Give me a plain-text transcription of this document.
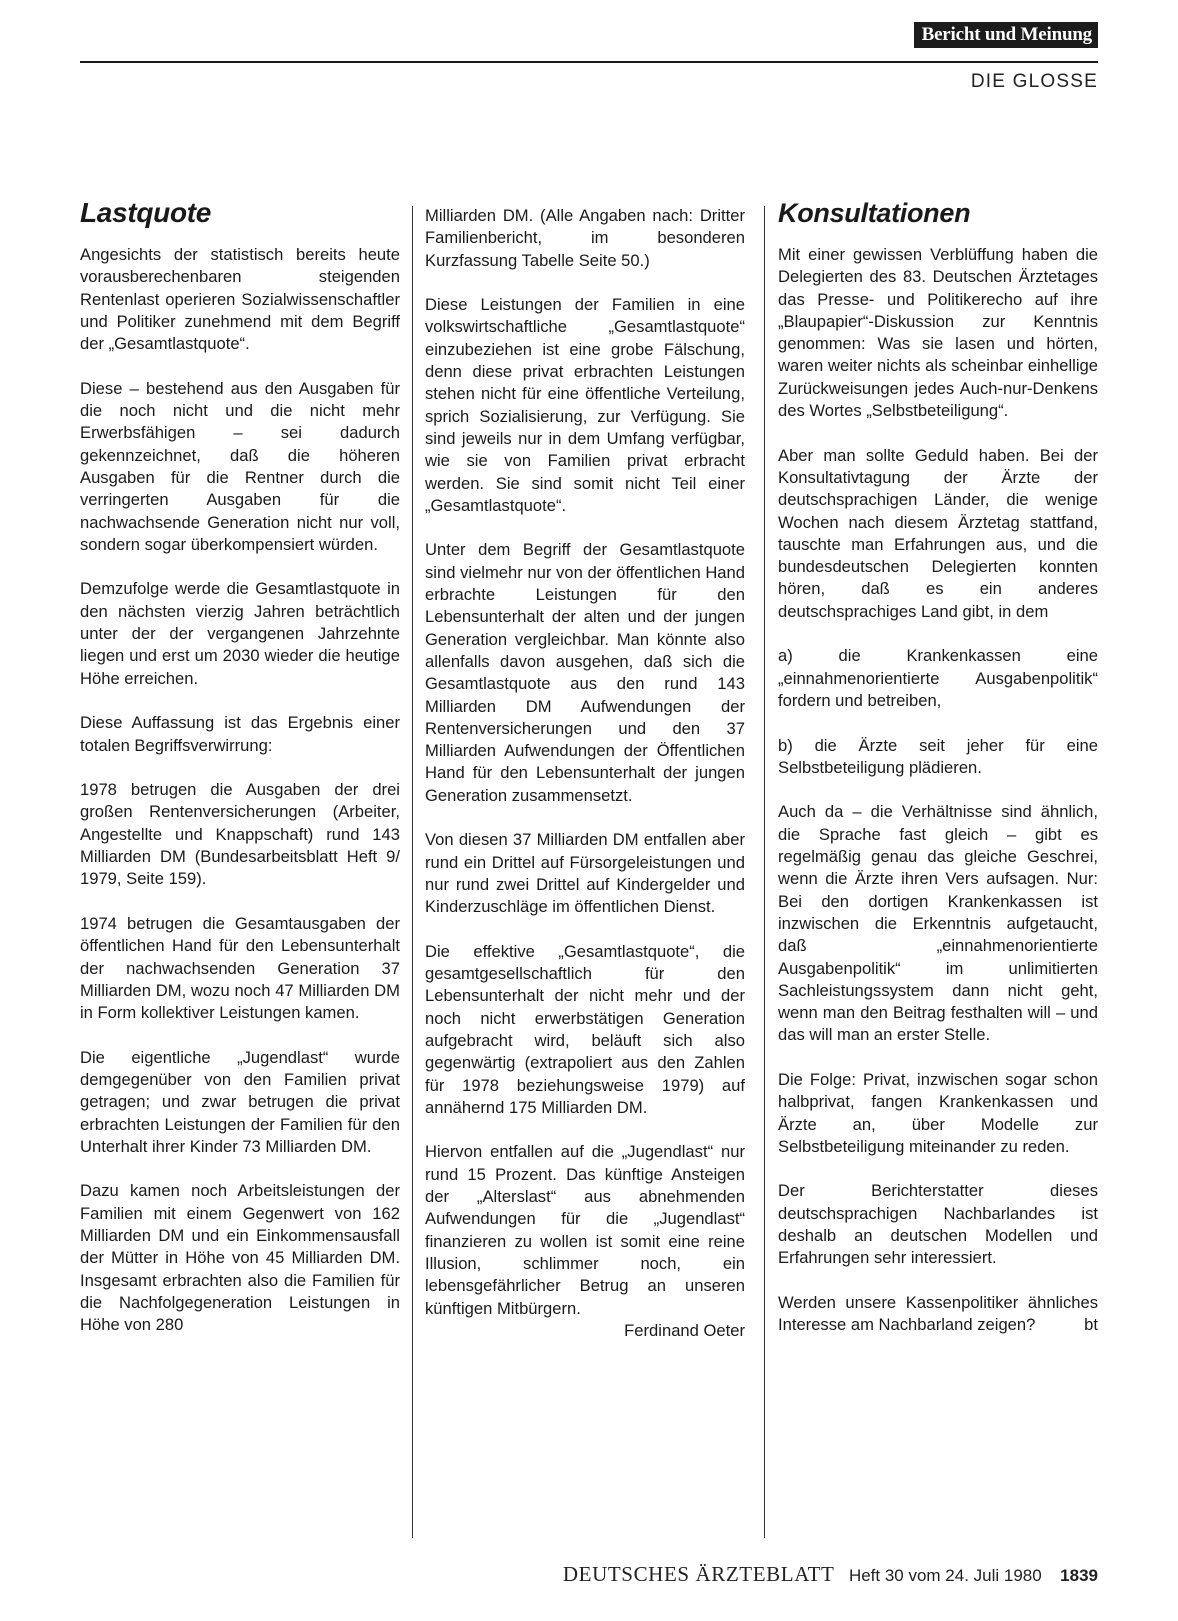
Bericht und Meinung
DIE GLOSSE
Lastquote

Angesichts der statistisch bereits heute vorausberechenbaren steigenden Rentenlast operieren Sozialwissenschaftler und Politiker zunehmend mit dem Begriff der „Gesamtlastquote“.

Diese – bestehend aus den Ausgaben für die noch nicht und die nicht mehr Erwerbsfähigen – sei dadurch gekennzeichnet, daß die höheren Ausgaben für die Rentner durch die verringerten Ausgaben für die nachwachsende Generation nicht nur voll, sondern sogar überkompensiert würden.

Demzufolge werde die Gesamtlastquote in den nächsten vierzig Jahren beträchtlich unter der der vergangenen Jahrzehnte liegen und erst um 2030 wieder die heutige Höhe erreichen.

Diese Auffassung ist das Ergebnis einer totalen Begriffsverwirrung:

1978 betrugen die Ausgaben der drei großen Rentenversicherungen (Arbeiter, Angestellte und Knappschaft) rund 143 Milliarden DM (Bundesarbeitsblatt Heft 9/ 1979, Seite 159).

1974 betrugen die Gesamtausgaben der öffentlichen Hand für den Lebensunterhalt der nachwachsenden Generation 37 Milliarden DM, wozu noch 47 Milliarden DM in Form kollektiver Leistungen kamen.

Die eigentliche „Jugendlast“ wurde demgegenüber von den Familien privat getragen; und zwar betrugen die privat erbrachten Leistungen der Familien für den Unterhalt ihrer Kinder 73 Milliarden DM.

Dazu kamen noch Arbeitsleistungen der Familien mit einem Gegenwert von 162 Milliarden DM und ein Einkommensausfall der Mütter in Höhe von 45 Milliarden DM. Insgesamt erbrachten also die Familien für die Nachfolgegeneration Leistungen in Höhe von 280

Milliarden DM. (Alle Angaben nach: Dritter Familienbericht, im besonderen Kurzfassung Tabelle Seite 50.)

Diese Leistungen der Familien in eine volkswirtschaftliche „Gesamtlastquote“ einzubeziehen ist eine grobe Fälschung, denn diese privat erbrachten Leistungen stehen nicht für eine öffentliche Verteilung, sprich Sozialisierung, zur Verfügung. Sie sind jeweils nur in dem Umfang verfügbar, wie sie von Familien privat erbracht werden. Sie sind somit nicht Teil einer „Gesamtlastquote“.

Unter dem Begriff der Gesamtlastquote sind vielmehr nur von der öffentlichen Hand erbrachte Leistungen für den Lebensunterhalt der alten und der jungen Generation vergleichbar. Man könnte also allenfalls davon ausgehen, daß sich die Gesamtlastquote aus den rund 143 Milliarden DM Aufwendungen der Rentenversicherungen und den 37 Milliarden Aufwendungen der Öffentlichen Hand für den Lebensunterhalt der jungen Generation zusammensetzt.

Von diesen 37 Milliarden DM entfallen aber rund ein Drittel auf Fürsorgeleistungen und nur rund zwei Drittel auf Kindergelder und Kinderzuschläge im öffentlichen Dienst.

Die effektive „Gesamtlastquote“, die gesamtgesellschaftlich für den Lebensunterhalt der nicht mehr und der noch nicht erwerbstätigen Generation aufgebracht wird, beläuft sich also gegenwärtig (extrapoliert aus den Zahlen für 1978 beziehungsweise 1979) auf annähernd 175 Milliarden DM.

Hiervon entfallen auf die „Jugendlast“ nur rund 15 Prozent. Das künftige Ansteigen der „Alterslast“ aus abnehmenden Aufwendungen für die „Jugendlast“ finanzieren zu wollen ist somit eine reine Illusion, schlimmer noch, ein lebensgefährlicher Betrug an unseren künftigen Mitbürgern.

Ferdinand Oeter
Konsultationen

Mit einer gewissen Verblüffung haben die Delegierten des 83. Deutschen Ärztetages das Presse- und Politikerecho auf ihre „Blaupapier“-Diskussion zur Kenntnis genommen: Was sie lasen und hörten, waren weiter nichts als scheinbar einhellige Zurückweisungen jedes Auch-nur-Denkens des Wortes „Selbstbeteiligung“.

Aber man sollte Geduld haben. Bei der Konsultativtagung der Ärzte der deutschsprachigen Länder, die wenige Wochen nach diesem Ärztetag stattfand, tauschte man Erfahrungen aus, und die bundesdeutschen Delegierten konnten hören, daß es ein anderes deutschsprachiges Land gibt, in dem

a) die Krankenkassen eine „einnahmenorientierte Ausgabenpolitik“ fordern und betreiben,

b) die Ärzte seit jeher für eine Selbstbeteiligung plädieren.

Auch da – die Verhältnisse sind ähnlich, die Sprache fast gleich – gibt es regelmäßig genau das gleiche Geschrei, wenn die Ärzte ihren Vers aufsagen. Nur: Bei den dortigen Krankenkassen ist inzwischen die Erkenntnis aufgetaucht, daß „einnahmenorientierte Ausgabenpolitik“ im unlimitierten Sachleistungssystem dann nicht geht, wenn man den Beitrag festhalten will – und das will man an erster Stelle.

Die Folge: Privat, inzwischen sogar schon halbprivat, fangen Krankenkassen und Ärzte an, über Modelle zur Selbstbeteiligung miteinander zu reden.

Der Berichterstatter dieses deutschsprachigen Nachbarlandes ist deshalb an deutschen Modellen und Erfahrungen sehr interessiert.

Werden unsere Kassenpolitiker ähnliches Interesse am Nachbarland zeigen?	bt

DEUTSCHES ÄRZTEBLATT Heft 30 vom 24. Juli 1980 1839
